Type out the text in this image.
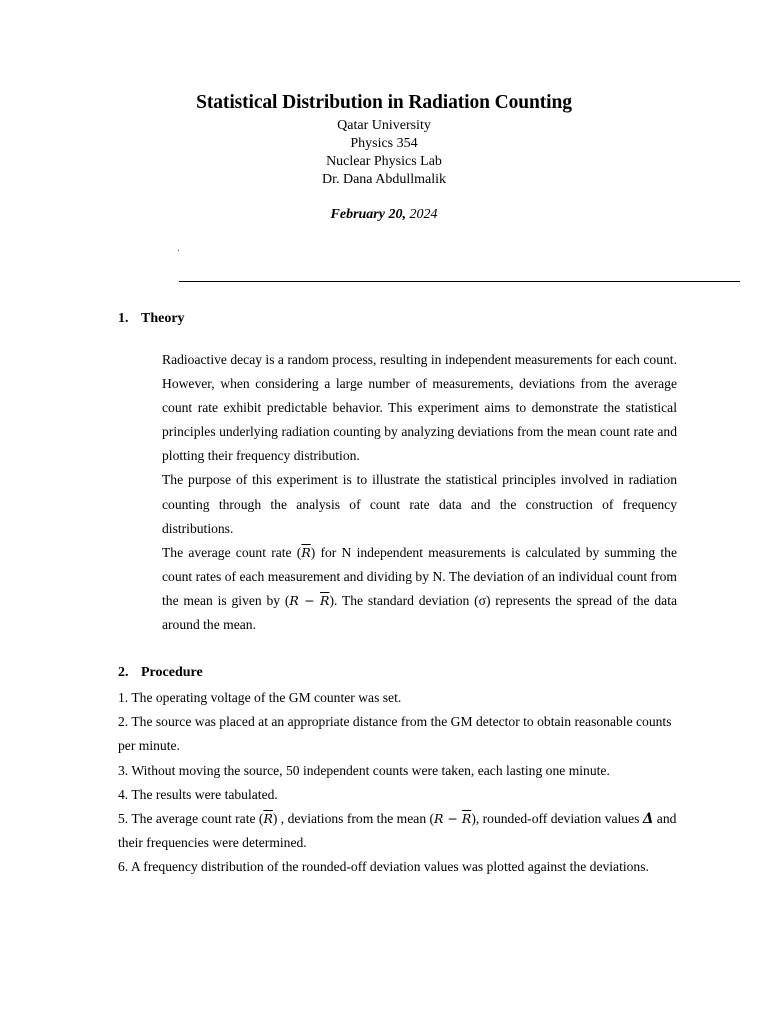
Statistical Distribution in Radiation Counting
Qatar University
Physics 354
Nuclear Physics Lab
Dr. Dana Abdullmalik
February 20, 2024
.
1. Theory

Radioactive decay is a random process, resulting in independent measurements for each count. However, when considering a large number of measurements, deviations from the average count rate exhibit predictable behavior. This experiment aims to demonstrate the statistical principles underlying radiation counting by analyzing deviations from the mean count rate and plotting their frequency distribution.

The purpose of this experiment is to illustrate the statistical principles involved in radiation counting through the analysis of count rate data and the construction of frequency distributions.

The average count rate $(\overline{R})$ for N independent measurements is calculated by summing the count rates of each measurement and dividing by N. The deviation of an individual count from the mean is given by $(R - \overline{R})$. The standard deviation (σ) represents the spread of the data around the mean.

2. Procedure

1. The operating voltage of the GM counter was set.

2. The source was placed at an appropriate distance from the GM detector to obtain reasonable counts per minute.

3. Without moving the source, 50 independent counts were taken, each lasting one minute.

4. The results were tabulated.

5. The average count rate $(\overline{R})$ , deviations from the mean $(R - \overline{R})$, rounded-off deviation values Δ and their frequencies were determined.

6. A frequency distribution of the rounded-off deviation values was plotted against the deviations.
